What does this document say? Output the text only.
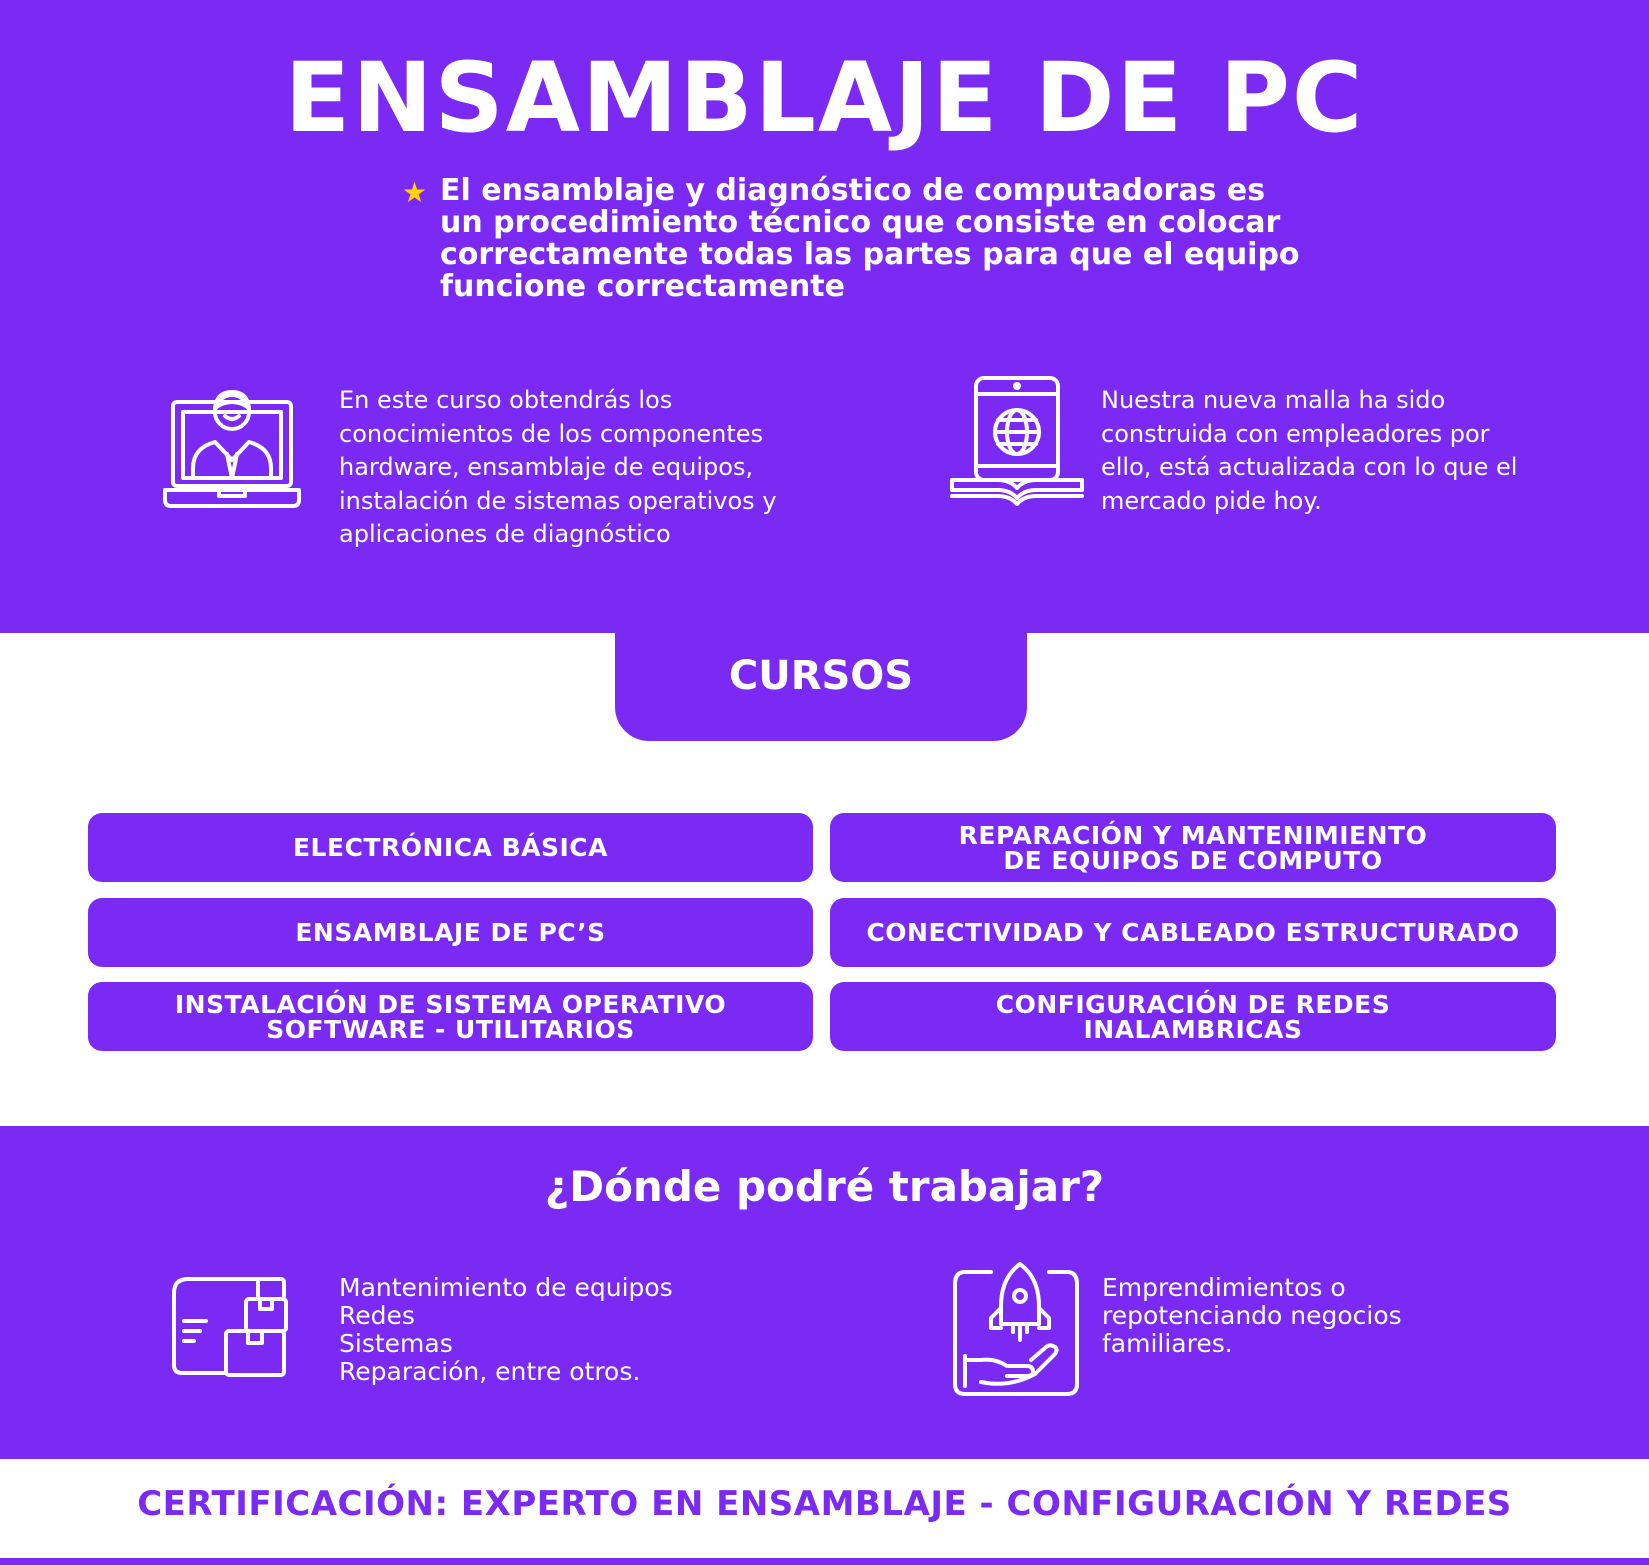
ENSAMBLAJE DE PC
★ El ensamblaje y diagnóstico de computadoras es un procedimiento técnico que consiste en colocar correctamente todas las partes para que el equipo funcione correctamente
En este curso obtendrás los conocimientos de los componentes hardware, ensamblaje de equipos, instalación de sistemas operativos y aplicaciones de diagnóstico
Nuestra nueva malla ha sido construida con empleadores por ello, está actualizada con lo que el mercado pide hoy.
CURSOS
ELECTRÓNICA BÁSICA	REPARACIÓN Y MANTENIMIENTO
DE EQUIPOS DE COMPUTO
ENSAMBLAJE DE PC’S	CONECTIVIDAD Y CABLEADO ESTRUCTURADO
INSTALACIÓN DE SISTEMA OPERATIVO
SOFTWARE - UTILITARIOS
CONFIGURACIÓN DE REDES
INALAMBRICAS
¿Dónde podré trabajar?
Mantenimiento de equipos
Redes
Sistemas
Reparación, entre otros.
Emprendimientos o
repotenciando negocios
familiares.
CERTIFICACIÓN: EXPERTO EN ENSAMBLAJE - CONFIGURACIÓN Y REDES
